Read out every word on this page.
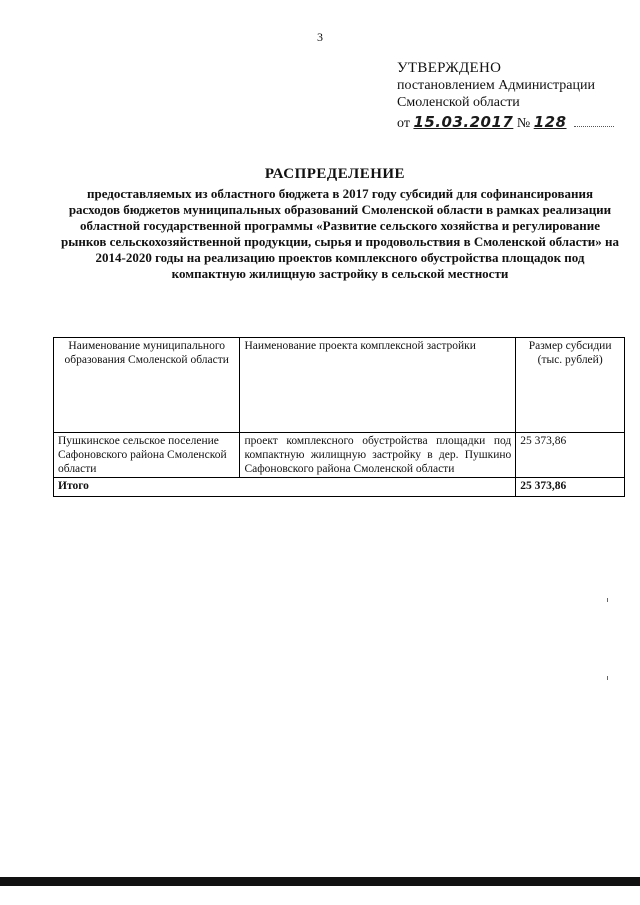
3
УТВЕРЖДЕНО
постановлением Администрации
Смоленской области
от 15.03.2017 № 128
РАСПРЕДЕЛЕНИЕ
предоставляемых из областного бюджета в 2017 году субсидий для софинансирования расходов бюджетов муниципальных образований Смоленской области в рамках реализации областной государственной программы «Развитие сельского хозяйства и регулирование рынков сельскохозяйственной продукции, сырья и продовольствия в Смоленской области» на 2014-2020 годы на реализацию проектов комплексного обустройства площадок под компактную жилищную застройку в сельской местности
Наименование муниципального образования Смоленской области	Наименование проекта комплексной застройки	Размер субсидии (тыс. рублей)
Пушкинское сельское поселение Сафоновского района Смоленской области	проект комплексного обустройства площадки под компактную жилищную застройку в дер. Пушкино Сафоновского района Смоленской области	25 373,86
Итого		25 373,86
